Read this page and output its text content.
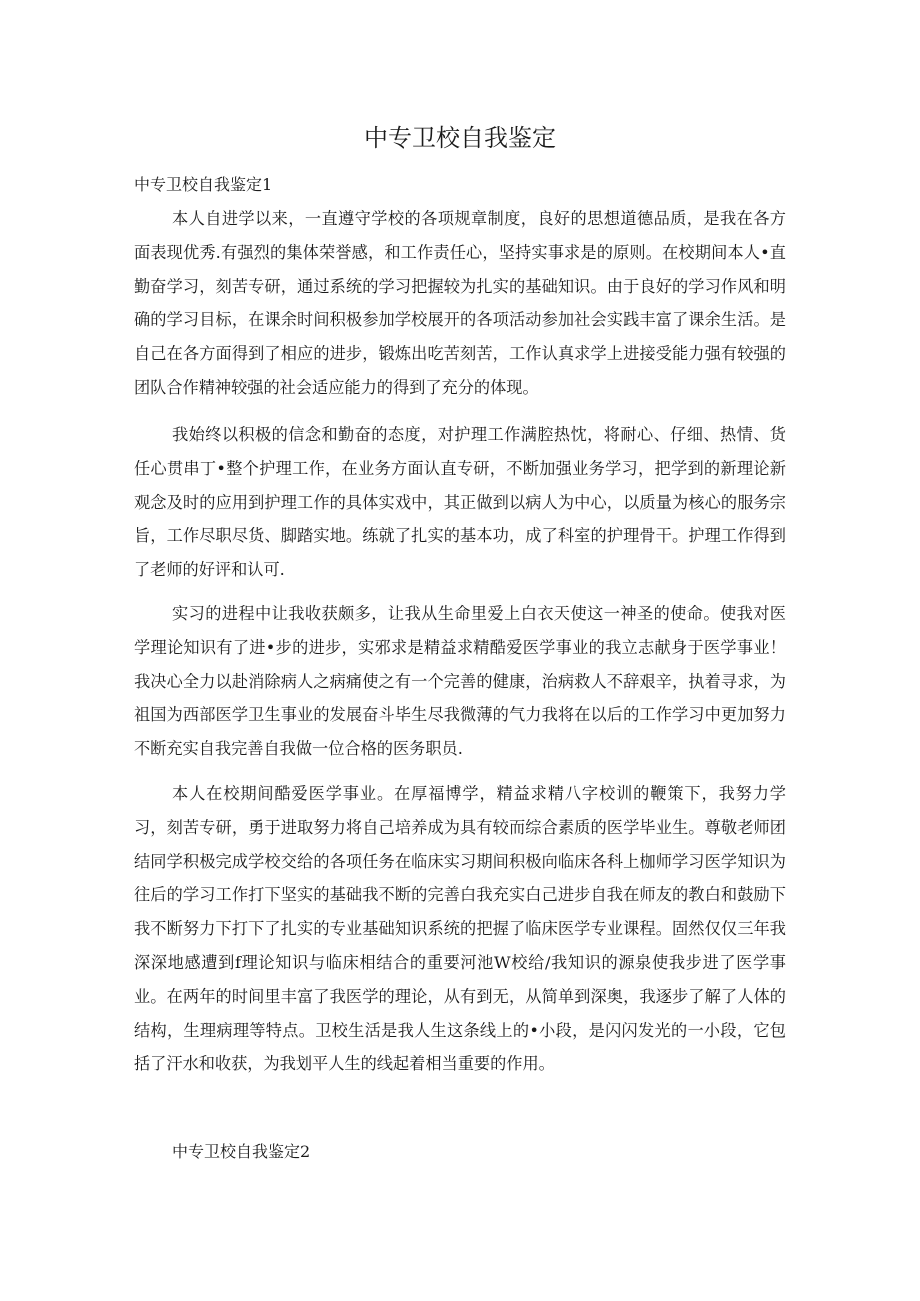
中专卫校自我鉴定

中专卫校自我鉴定1

本人自进学以来，一直遵守学校的各项规章制度，良好的思想道德品质，是我在各方面表现优秀.有强烈的集体荣誉感，和工作责任心，坚持实事求是的原则。在校期间本人•直勤奋学习，刻苦专研，通过系统的学习把握较为扎实的基础知识。由于良好的学习作风和明确的学习目标，在课余时间积极参加学校展开的各项活动参加社会实践丰富了课余生活。是自己在各方面得到了相应的进步，锻炼出吃苦刻苦，工作认真求学上进接受能力强有较强的团队合作精神较强的社会适应能力的得到了充分的体现。

我始终以积极的信念和勤奋的态度，对护理工作满腔热忱，将耐心、仔细、热情、货任心贯串丁•整个护理工作，在业务方面认直专研，不断加强业务学习，把学到的新理论新观念及时的应用到护理工作的具体实戏中，其正做到以病人为中心，以质量为核心的服务宗旨，工作尽职尽货、脚踏实地。练就了扎实的基本功，成了科室的护理骨干。护理工作得到了老师的好评和认可.

实习的进程中让我收获颇多，让我从生命里爱上白衣天使这一神圣的使命。使我对医学理论知识有了进•步的进步，实邪求是精益求精酷爱医学事业的我立志献身于医学事业！我决心全力以赴消除病人之病痛使之有一个完善的健康，治病救人不辞艰辛，执着寻求，为祖国为西部医学卫生事业的发展奋斗毕生尽我微薄的气力我将在以后的工作学习中更加努力不断充实自我完善自我做一位合格的医务职员.

本人在校期间酷爱医学事业。在厚福博学，精益求精八字校训的鞭策下，我努力学习，刻苦专研，勇于进取努力将自己培养成为具有较而综合素质的医学毕业生。尊敬老师团结同学积极完成学校交给的各项任务在临床实习期间积极向临床各科上枷师学习医学知识为往后的学习工作打下坚实的基础我不断的完善白我充实白己进步自我在师友的教白和鼓励下我不断努力下打下了扎实的专业基础知识系统的把握了临床医学专业课程。固然仅仅三年我深深地感遭到f理论知识与临床相结合的重要河池W校给/我知识的源泉使我步进了医学事业。在两年的时间里丰富了我医学的理论，从有到无，从简单到深奥，我逐步了解了人体的结构，生理病理等特点。卫校生活是我人生这条线上的•小段，是闪闪发光的一小段，它包括了汗水和收获，为我划平人生的线起着相当重要的作用。

中专卫校自我鉴定2
